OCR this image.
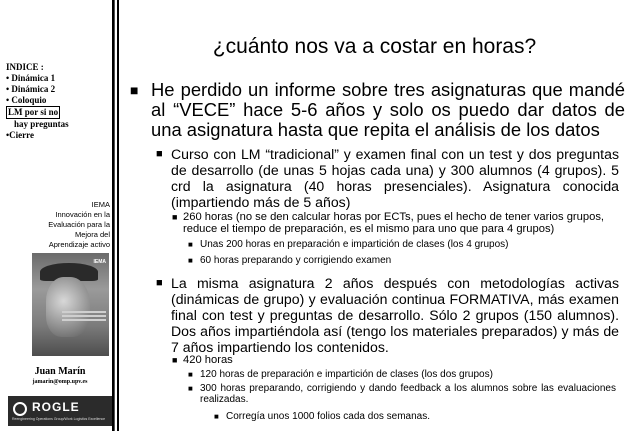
INDICE :
• Dinámica 1
• Dinámica 2
• Coloquio
LM por si no
hay preguntas
•Cierre
IEMA
Innovación en la
Evaluación para la
Mejora del
Aprendizaje activo
IEMA
Juan Marín
jamarin@omp.upv.es
ROGLE
Reengineering Operations Group/Work Logistics Excellence
¿cuánto nos va a costar en horas?
■ He perdido un informe sobre tres asignaturas que mandé al “VECE” hace 5-6 años y solo os puedo dar datos de una asignatura hasta que repita el análisis de los datos
■ Curso con LM “tradicional” y examen final con un test y dos preguntas de desarrollo (de unas 5 hojas cada una) y 300 alumnos (4 grupos). 5 crd la asignatura (40 horas presenciales). Asignatura conocida (impartiendo más de 5 años)
■ 260 horas (no se den calcular horas por ECTs, pues el hecho de tener varios grupos, reduce el tiempo de preparación, es el mismo para uno que para 4 grupos)
■ Unas 200 horas en preparación e impartición de clases (los 4 grupos)
■ 60 horas preparando y corrigiendo examen
■ La misma asignatura 2 años después con metodologías activas (dinámicas de grupo) y evaluación continua FORMATIVA, más examen final con test y preguntas de desarrollo. Sólo 2 grupos (150 alumnos). Dos años impartiéndola así (tengo los materiales preparados) y más de 7 años impartiendo los contenidos.
■ 420 horas
■ 120 horas de preparación e impartición de clases (los dos grupos)
■ 300 horas preparando, corrigiendo y dando feedback a los alumnos sobre las evaluaciones realizadas.
■ Corregía unos 1000 folios cada dos semanas.
